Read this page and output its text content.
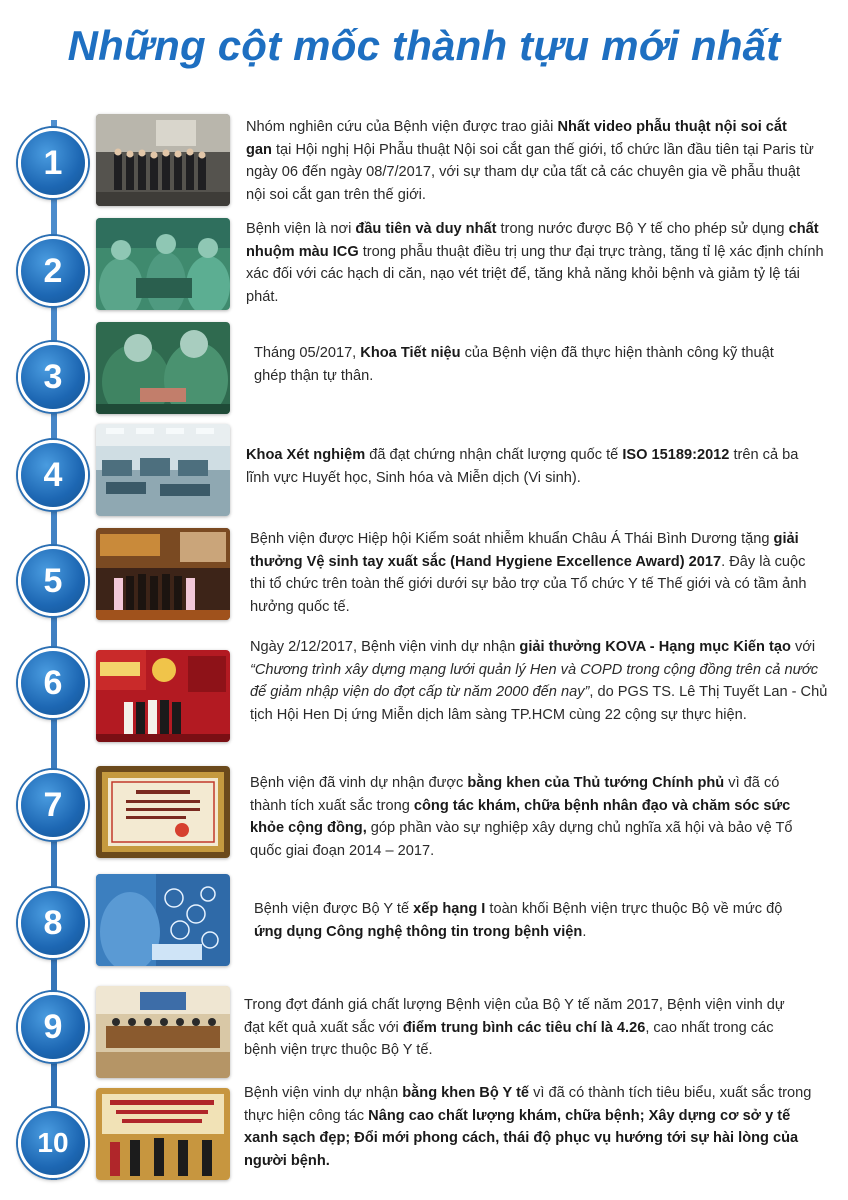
Những cột mốc thành tựu mới nhất
1
Nhóm nghiên cứu của Bệnh viện được trao giải Nhất video phẫu thuật nội soi cắt gan tại Hội nghị Hội Phẫu thuật Nội soi cắt gan thế giới, tổ chức lần đầu tiên tại Paris từ ngày 06 đến ngày 08/7/2017, với sự tham dự của tất cả các chuyên gia về phẫu thuật nội soi cắt gan trên thế giới.
2
Bệnh viện là nơi đầu tiên và duy nhất trong nước được Bộ Y tế cho phép sử dụng chất nhuộm màu ICG trong phẫu thuật điều trị ung thư đại trực tràng, tăng tỉ lệ xác định chính xác đối với các hạch di căn, nạo vét triệt để, tăng khả năng khỏi bệnh và giảm tỷ lệ tái phát.
3
Tháng 05/2017, Khoa Tiết niệu của Bệnh viện đã thực hiện thành công kỹ thuật ghép thận tự thân.
4
Khoa Xét nghiệm đã đạt chứng nhận chất lượng quốc tế ISO 15189:2012 trên cả ba lĩnh vực Huyết học, Sinh hóa và Miễn dịch (Vi sinh).
5
Bệnh viện được Hiệp hội Kiểm soát nhiễm khuẩn Châu Á Thái Bình Dương tặng giải thưởng Vệ sinh tay xuất sắc (Hand Hygiene Excellence Award) 2017. Đây là cuộc thi tổ chức trên toàn thế giới dưới sự bảo trợ của Tổ chức Y tế Thế giới và có tầm ảnh hưởng quốc tế.
6
Ngày 2/12/2017, Bệnh viện vinh dự nhận giải thưởng KOVA - Hạng mục Kiến tạo với “Chương trình xây dựng mạng lưới quản lý Hen và COPD trong cộng đồng trên cả nước để giảm nhập viện do đợt cấp từ năm 2000 đến nay”, do PGS TS. Lê Thị Tuyết Lan - Chủ tịch Hội Hen Dị ứng Miễn dịch lâm sàng TP.HCM cùng 22 cộng sự thực hiện.
7
Bệnh viện đã vinh dự nhận được bằng khen của Thủ tướng Chính phủ vì đã có thành tích xuất sắc trong công tác khám, chữa bệnh nhân đạo và chăm sóc sức khỏe cộng đồng, góp phần vào sự nghiệp xây dựng chủ nghĩa xã hội và bảo vệ Tổ quốc giai đoạn 2014 – 2017.
8	Bệnh viện được Bộ Y tế xếp hạng I toàn khối Bệnh viện trực thuộc Bộ về mức độ ứng dụng Công nghệ thông tin trong bệnh viện.
9
Trong đợt đánh giá chất lượng Bệnh viện của Bộ Y tế năm 2017, Bệnh viện vinh dự đạt kết quả xuất sắc với điểm trung bình các tiêu chí là 4.26, cao nhất trong các bệnh viện trực thuộc Bộ Y tế.
10
Bệnh viện vinh dự nhận bằng khen Bộ Y tế vì đã có thành tích tiêu biểu, xuất sắc trong thực hiện công tác Nâng cao chất lượng khám, chữa bệnh; Xây dựng cơ sở y tế xanh sạch đẹp; Đổi mới phong cách, thái độ phục vụ hướng tới sự hài lòng của người bệnh.
